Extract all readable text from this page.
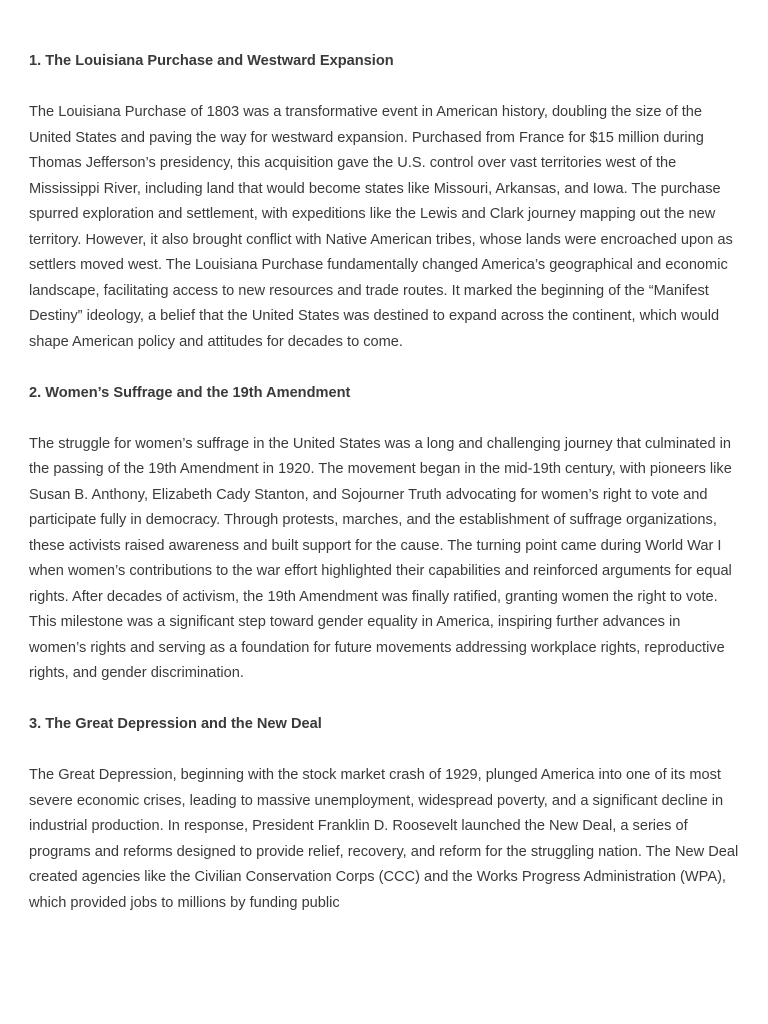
1. The Louisiana Purchase and Westward Expansion

The Louisiana Purchase of 1803 was a transformative event in American history, doubling the size of the United States and paving the way for westward expansion. Purchased from France for $15 million during Thomas Jefferson’s presidency, this acquisition gave the U.S. control over vast territories west of the Mississippi River, including land that would become states like Missouri, Arkansas, and Iowa. The purchase spurred exploration and settlement, with expeditions like the Lewis and Clark journey mapping out the new territory. However, it also brought conflict with Native American tribes, whose lands were encroached upon as settlers moved west. The Louisiana Purchase fundamentally changed America’s geographical and economic landscape, facilitating access to new resources and trade routes. It marked the beginning of the “Manifest Destiny” ideology, a belief that the United States was destined to expand across the continent, which would shape American policy and attitudes for decades to come.

2. Women’s Suffrage and the 19th Amendment

The struggle for women’s suffrage in the United States was a long and challenging journey that culminated in the passing of the 19th Amendment in 1920. The movement began in the mid-19th century, with pioneers like Susan B. Anthony, Elizabeth Cady Stanton, and Sojourner Truth advocating for women’s right to vote and participate fully in democracy. Through protests, marches, and the establishment of suffrage organizations, these activists raised awareness and built support for the cause. The turning point came during World War I when women’s contributions to the war effort highlighted their capabilities and reinforced arguments for equal rights. After decades of activism, the 19th Amendment was finally ratified, granting women the right to vote. This milestone was a significant step toward gender equality in America, inspiring further advances in women’s rights and serving as a foundation for future movements addressing workplace rights, reproductive rights, and gender discrimination.

3. The Great Depression and the New Deal

The Great Depression, beginning with the stock market crash of 1929, plunged America into one of its most severe economic crises, leading to massive unemployment, widespread poverty, and a significant decline in industrial production. In response, President Franklin D. Roosevelt launched the New Deal, a series of programs and reforms designed to provide relief, recovery, and reform for the struggling nation. The New Deal created agencies like the Civilian Conservation Corps (CCC) and the Works Progress Administration (WPA), which provided jobs to millions by funding public
